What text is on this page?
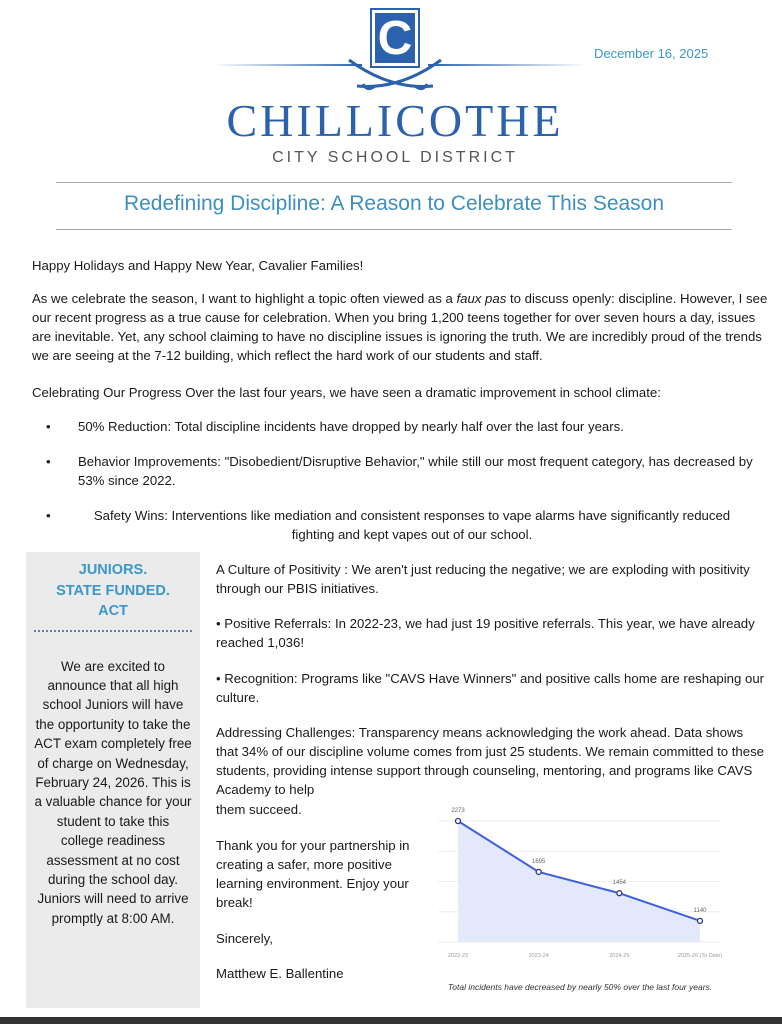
C
CHILLICOTHE
CITY SCHOOL DISTRICT
December 16, 2025
Redefining Discipline: A Reason to Celebrate This Season

Happy Holidays and Happy New Year, Cavalier Families!

As we celebrate the season, I want to highlight a topic often viewed as a faux pas to discuss openly: discipline. However, I see our recent progress as a true cause for celebration. When you bring 1,200 teens together for over seven hours a day, issues are inevitable. Yet, any school claiming to have no discipline issues is ignoring the truth. We are incredibly proud of the trends we are seeing at the 7-12 building, which reflect the hard work of our students and staff.

Celebrating Our Progress Over the last four years, we have seen a dramatic improvement in school climate:

• 50% Reduction: Total discipline incidents have dropped by nearly half over the last four years.

• Behavior Improvements: "Disobedient/Disruptive Behavior," while still our most frequent category, has decreased by 53% since 2022.

•	Safety Wins: Interventions like mediation and consistent responses to vape alarms have significantly reduced fighting and kept vapes out of our school.

JUNIORS.
STATE FUNDED.
ACT
We are excited to announce that all high school Juniors will have the opportunity to take the ACT exam completely free of charge on Wednesday, February 24, 2026. This is a valuable chance for your student to take this college readiness assessment at no cost during the school day. Juniors will need to arrive promptly at 8:00 AM.

A Culture of Positivity : We aren't just reducing the negative; we are exploding with positivity through our PBIS initiatives.

• Positive Referrals: In 2022-23, we had just 19 positive referrals. This year, we have already reached 1,036!

• Recognition: Programs like "CAVS Have Winners" and positive calls home are reshaping our culture.

Addressing Challenges: Transparency means acknowledging the work ahead. Data shows that 34% of our discipline volume comes from just 25 students. We remain committed to these students, providing intense support through counseling, mentoring, and programs like CAVS Academy to help

them succeed.

Thank you for your partnership in creating a safer, more positive learning environment. Enjoy your break!

Sincerely,

Matthew E. Ballentine

2273
2022-23
1695
2023-24
1454
2024-25
1140
2025-26 (To Date)
Total incidents have decreased by nearly 50% over the last four years.
